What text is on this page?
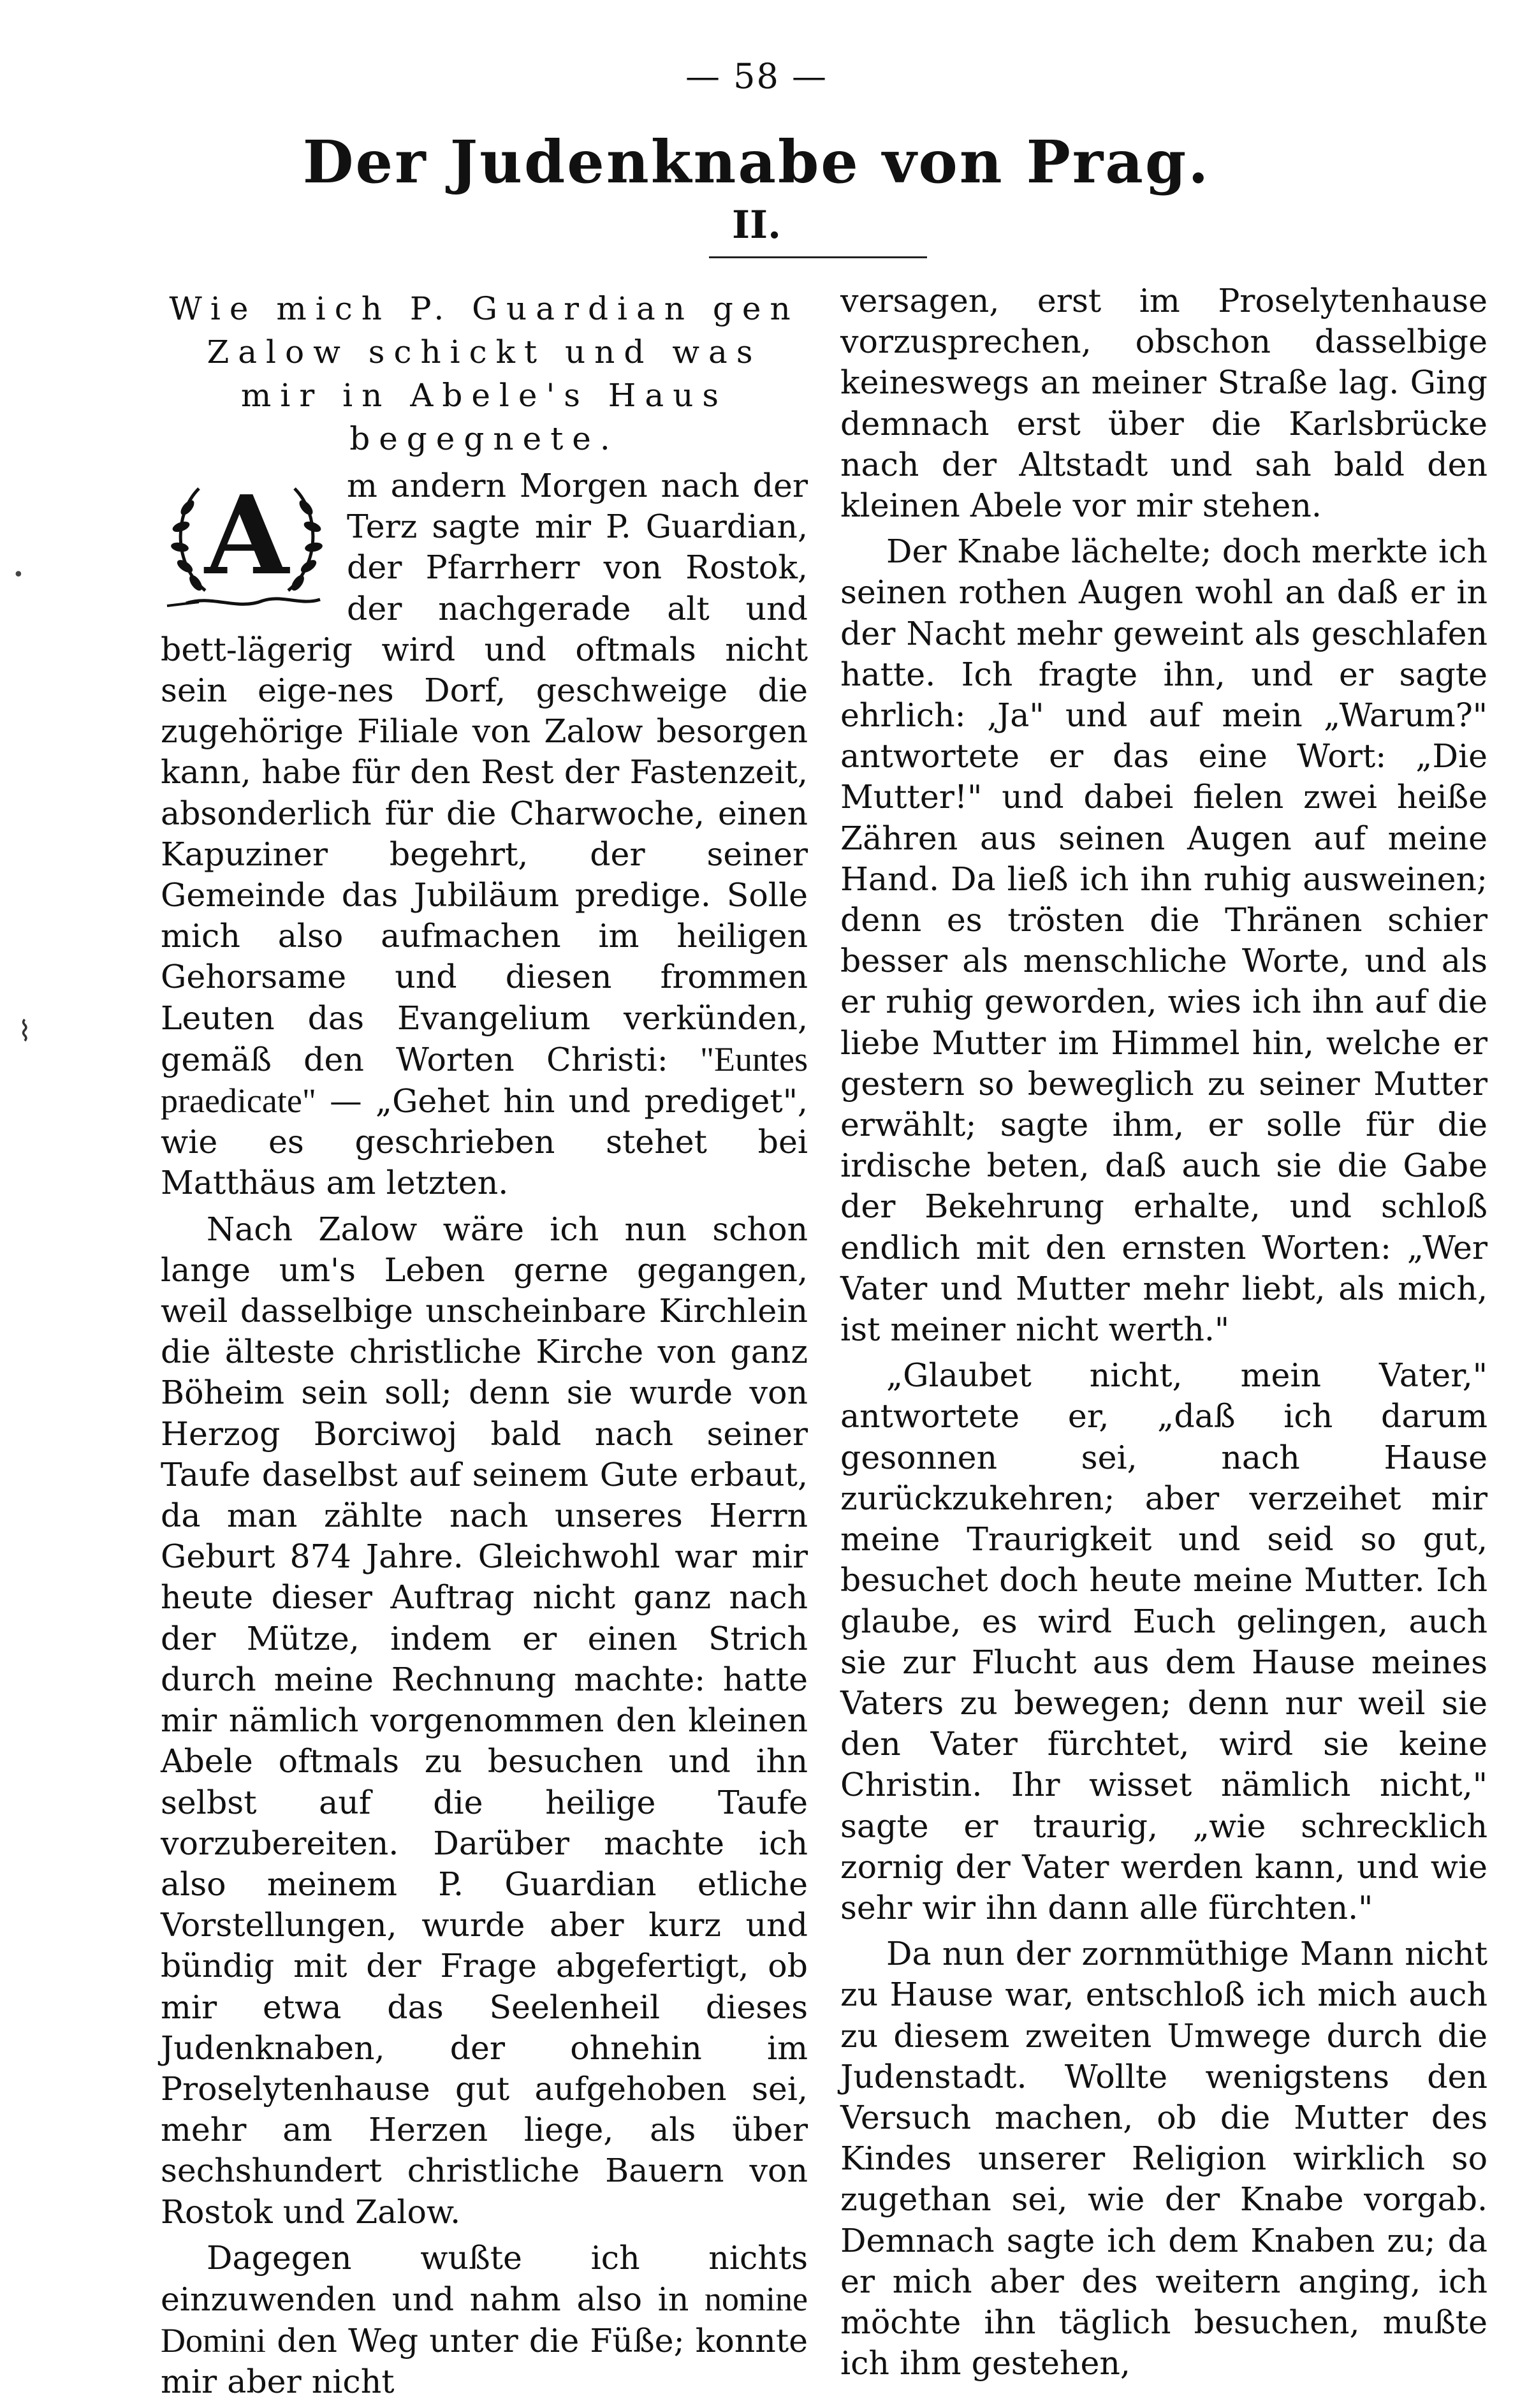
— 58 —
Der Judenknabe von Prag.
II.
•
⌇

Wie mich P. Guardian gen Zalow schickt und was mir in Abele's Haus begegnete.

A m andern Morgen nach der Terz sagte mir P. Guardian, der Pfarrherr von Rostok, der nachgerade alt und bett-lägerig wird und oftmals nicht sein eige-nes Dorf, geschweige die zugehörige Filiale von Zalow besorgen kann, habe für den Rest der Fastenzeit, absonderlich für die Charwoche, einen Kapuziner begehrt, der seiner Gemeinde das Jubiläum predige. Solle mich also aufmachen im heiligen Gehorsame und diesen frommen Leuten das Evangelium verkünden, gemäß den Worten Christi: "Euntes praedicate" — „Gehet hin und prediget", wie es geschrieben stehet bei Matthäus am letzten.

Nach Zalow wäre ich nun schon lange um's Leben gerne gegangen, weil dasselbige unscheinbare Kirchlein die älteste christliche Kirche von ganz Böheim sein soll; denn sie wurde von Herzog Borciwoj bald nach seiner Taufe daselbst auf seinem Gute erbaut, da man zählte nach unseres Herrn Geburt 874 Jahre. Gleichwohl war mir heute dieser Auftrag nicht ganz nach der Mütze, indem er einen Strich durch meine Rechnung machte: hatte mir nämlich vorgenommen den kleinen Abele oftmals zu besuchen und ihn selbst auf die heilige Taufe vorzubereiten. Darüber machte ich also meinem P. Guardian etliche Vorstellungen, wurde aber kurz und bündig mit der Frage abgefertigt, ob mir etwa das Seelenheil dieses Judenknaben, der ohnehin im Proselytenhause gut aufgehoben sei, mehr am Herzen liege, als über sechshundert christliche Bauern von Rostok und Zalow.

Dagegen wußte ich nichts einzuwenden und nahm also in nomine Domini den Weg unter die Füße; konnte mir aber nicht

versagen, erst im Proselytenhause vorzusprechen, obschon dasselbige keineswegs an meiner Straße lag. Ging demnach erst über die Karlsbrücke nach der Altstadt und sah bald den kleinen Abele vor mir stehen.

Der Knabe lächelte; doch merkte ich seinen rothen Augen wohl an daß er in der Nacht mehr geweint als geschlafen hatte. Ich fragte ihn, und er sagte ehrlich: ‚Ja" und auf mein „Warum?" antwortete er das eine Wort: „Die Mutter!" und dabei fielen zwei heiße Zähren aus seinen Augen auf meine Hand. Da ließ ich ihn ruhig ausweinen; denn es trösten die Thränen schier besser als menschliche Worte, und als er ruhig geworden, wies ich ihn auf die liebe Mutter im Himmel hin, welche er gestern so beweglich zu seiner Mutter erwählt; sagte ihm, er solle für die irdische beten, daß auch sie die Gabe der Bekehrung erhalte, und schloß endlich mit den ernsten Worten: „Wer Vater und Mutter mehr liebt, als mich, ist meiner nicht werth."

„Glaubet nicht, mein Vater," antwortete er, „daß ich darum gesonnen sei, nach Hause zurückzukehren; aber verzeihet mir meine Traurigkeit und seid so gut, besuchet doch heute meine Mutter. Ich glaube, es wird Euch gelingen, auch sie zur Flucht aus dem Hause meines Vaters zu bewegen; denn nur weil sie den Vater fürchtet, wird sie keine Christin. Ihr wisset nämlich nicht," sagte er traurig, „wie schrecklich zornig der Vater werden kann, und wie sehr wir ihn dann alle fürchten."

Da nun der zornmüthige Mann nicht zu Hause war, entschloß ich mich auch zu diesem zweiten Umwege durch die Judenstadt. Wollte wenigstens den Versuch machen, ob die Mutter des Kindes unserer Religion wirklich so zugethan sei, wie der Knabe vorgab. Demnach sagte ich dem Knaben zu; da er mich aber des weitern anging, ich möchte ihn täglich besuchen, mußte ich ihm gestehen,
